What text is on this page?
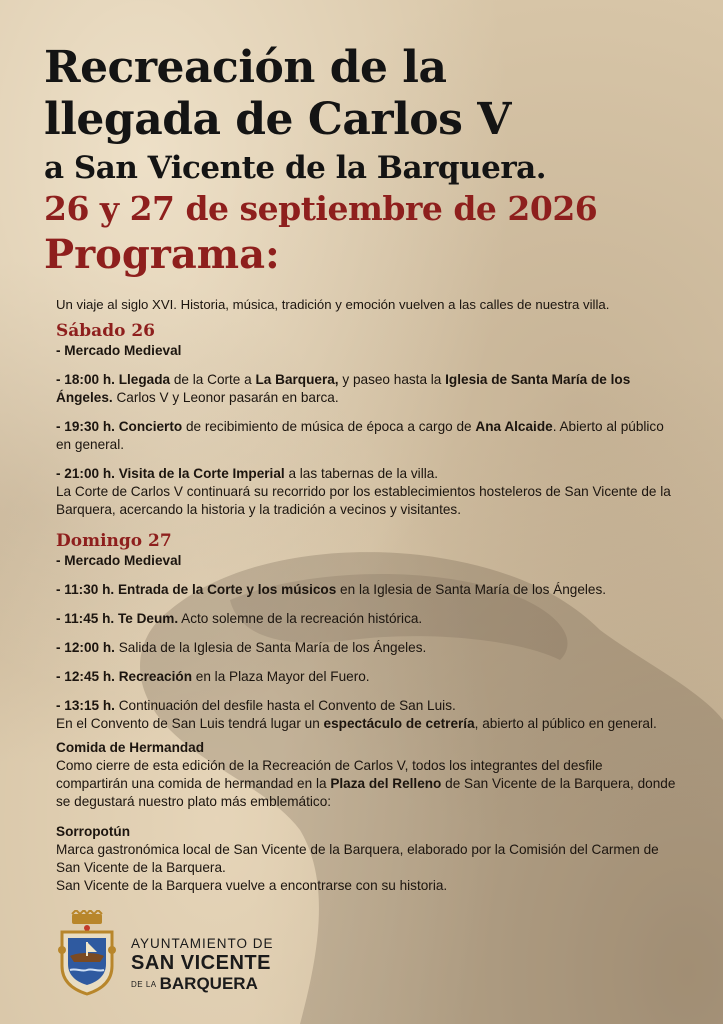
Recreación de la
llegada de Carlos V
a San Vicente de la Barquera.
26 y 27 de septiembre de 2026
Programa:

Un viaje al siglo XVI. Historia, música, tradición y emoción vuelven a las calles de nuestra villa.

Sábado 26

- Mercado Medieval

- 18:00 h. Llegada de la Corte a La Barquera, y paseo hasta la Iglesia de Santa María de los Ángeles. Carlos V y Leonor pasarán en barca.

- 19:30 h. Concierto de recibimiento de música de época a cargo de Ana Alcaide. Abierto al público en general.

- 21:00 h. Visita de la Corte Imperial a las tabernas de la villa.
La Corte de Carlos V continuará su recorrido por los establecimientos hosteleros de San Vicente de la Barquera, acercando la historia y la tradición a vecinos y visitantes.

Domingo 27

- Mercado Medieval

- 11:30 h. Entrada de la Corte y los músicos en la Iglesia de Santa María de los Ángeles.

- 11:45 h. Te Deum. Acto solemne de la recreación histórica.

- 12:00 h. Salida de la Iglesia de Santa María de los Ángeles.

- 12:45 h. Recreación en la Plaza Mayor del Fuero.

- 13:15 h. Continuación del desfile hasta el Convento de San Luis.
En el Convento de San Luis tendrá lugar un espectáculo de cetrería, abierto al público en general.

Comida de Hermandad

Como cierre de esta edición de la Recreación de Carlos V, todos los integrantes del desfile compartirán una comida de hermandad en la Plaza del Relleno de San Vicente de la Barquera, donde se degustará nuestro plato más emblemático:

Sorropotún

Marca gastronómica local de San Vicente de la Barquera, elaborado por la Comisión del Carmen de San Vicente de la Barquera.
San Vicente de la Barquera vuelve a encontrarse con su historia.

AYUNTAMIENTO DE
SAN VICENTE
DE LA BARQUERA
